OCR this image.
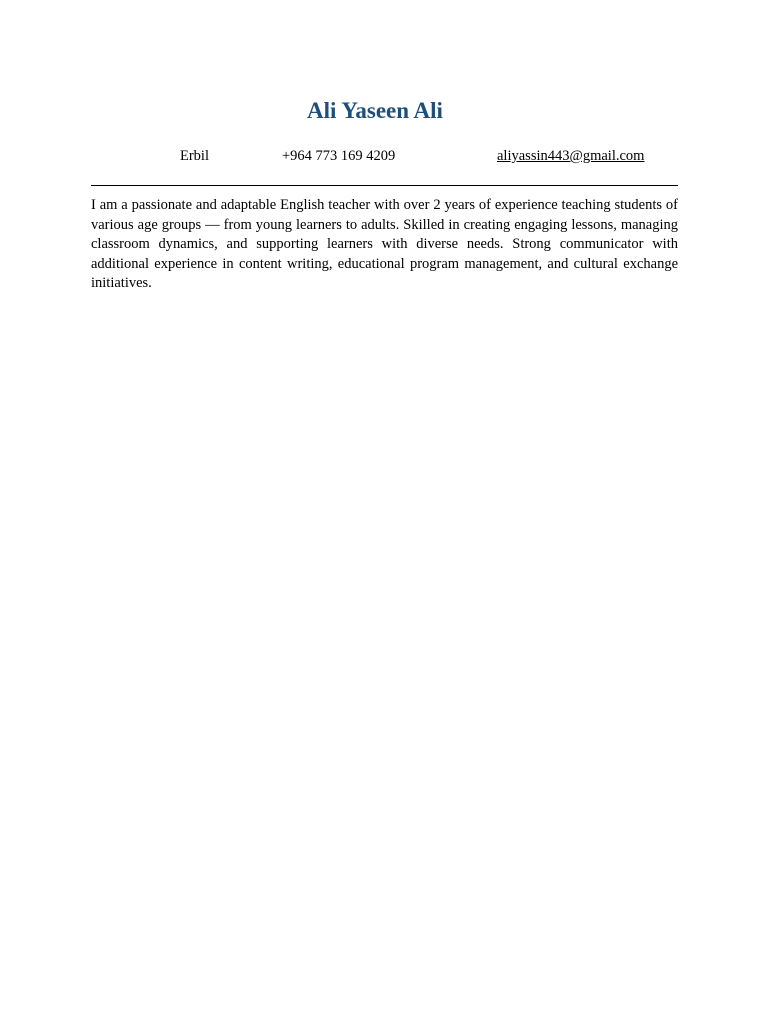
Ali Yaseen Ali
Erbil	+964 773 169 4209	aliyassin443@gmail.com

I am a passionate and adaptable English teacher with over 2 years of experience teaching students of various age groups — from young learners to adults. Skilled in creating engaging lessons, managing classroom dynamics, and supporting learners with diverse needs. Strong communicator with additional experience in content writing, educational program management, and cultural exchange initiatives.
